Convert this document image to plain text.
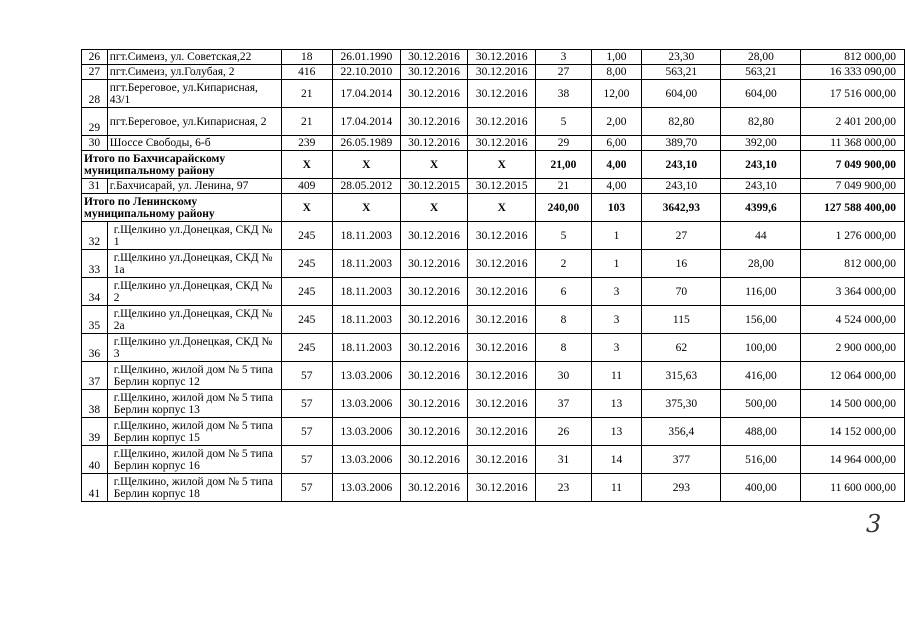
26	пгт.Симеиз, ул. Советская,22	18	26.01.1990	30.12.2016	30.12.2016	3	1,00	23,30	28,00	812 000,00
27	пгт.Симеиз, ул.Голубая, 2	416	22.10.2010	30.12.2016	30.12.2016	27	8,00	563,21	563,21	16 333 090,00
28	пгт.Береговое, ул.Кипарисная, 43/1	21	17.04.2014	30.12.2016	30.12.2016	38	12,00	604,00	604,00	17 516 000,00
29	пгт.Береговое, ул.Кипарисная, 2	21	17.04.2014	30.12.2016	30.12.2016	5	2,00	82,80	82,80	2 401 200,00
30	Шоссе Свободы, 6-б	239	26.05.1989	30.12.2016	30.12.2016	29	6,00	389,70	392,00	11 368 000,00
Итого по Бахчисарайскому муниципальному району		Х	Х	Х	Х	21,00	4,00	243,10	243,10	7 049 900,00
31	г.Бахчисарай, ул. Ленина, 97	409	28.05.2012	30.12.2015	30.12.2015	21	4,00	243,10	243,10	7 049 900,00
Итого по Ленинскому муниципальному району		Х	Х	Х	Х	240,00	103	3642,93	4399,6	127 588 400,00
32	г.Щелкино ул.Донецкая, СКД № 1	245	18.11.2003	30.12.2016	30.12.2016	5	1	27	44	1 276 000,00
33	г.Щелкино ул.Донецкая, СКД № 1а	245	18.11.2003	30.12.2016	30.12.2016	2	1	16	28,00	812 000,00
34	г.Щелкино ул.Донецкая, СКД № 2	245	18.11.2003	30.12.2016	30.12.2016	6	3	70	116,00	3 364 000,00
35	г.Щелкино ул.Донецкая, СКД № 2а	245	18.11.2003	30.12.2016	30.12.2016	8	3	115	156,00	4 524 000,00
36	г.Щелкино ул.Донецкая, СКД № 3	245	18.11.2003	30.12.2016	30.12.2016	8	3	62	100,00	2 900 000,00
37	г.Щелкино, жилой дом № 5 типа Берлин корпус 12	57	13.03.2006	30.12.2016	30.12.2016	30	11	315,63	416,00	12 064 000,00
38	г.Щелкино, жилой дом № 5 типа Берлин корпус 13	57	13.03.2006	30.12.2016	30.12.2016	37	13	375,30	500,00	14 500 000,00
39	г.Щелкино, жилой дом № 5 типа Берлин корпус 15	57	13.03.2006	30.12.2016	30.12.2016	26	13	356,4	488,00	14 152 000,00
40	г.Щелкино, жилой дом № 5 типа Берлин корпус 16	57	13.03.2006	30.12.2016	30.12.2016	31	14	377	516,00	14 964 000,00
41	г.Щелкино, жилой дом № 5 типа Берлин корпус 18	57	13.03.2006	30.12.2016	30.12.2016	23	11	293	400,00	11 600 000,00
3
